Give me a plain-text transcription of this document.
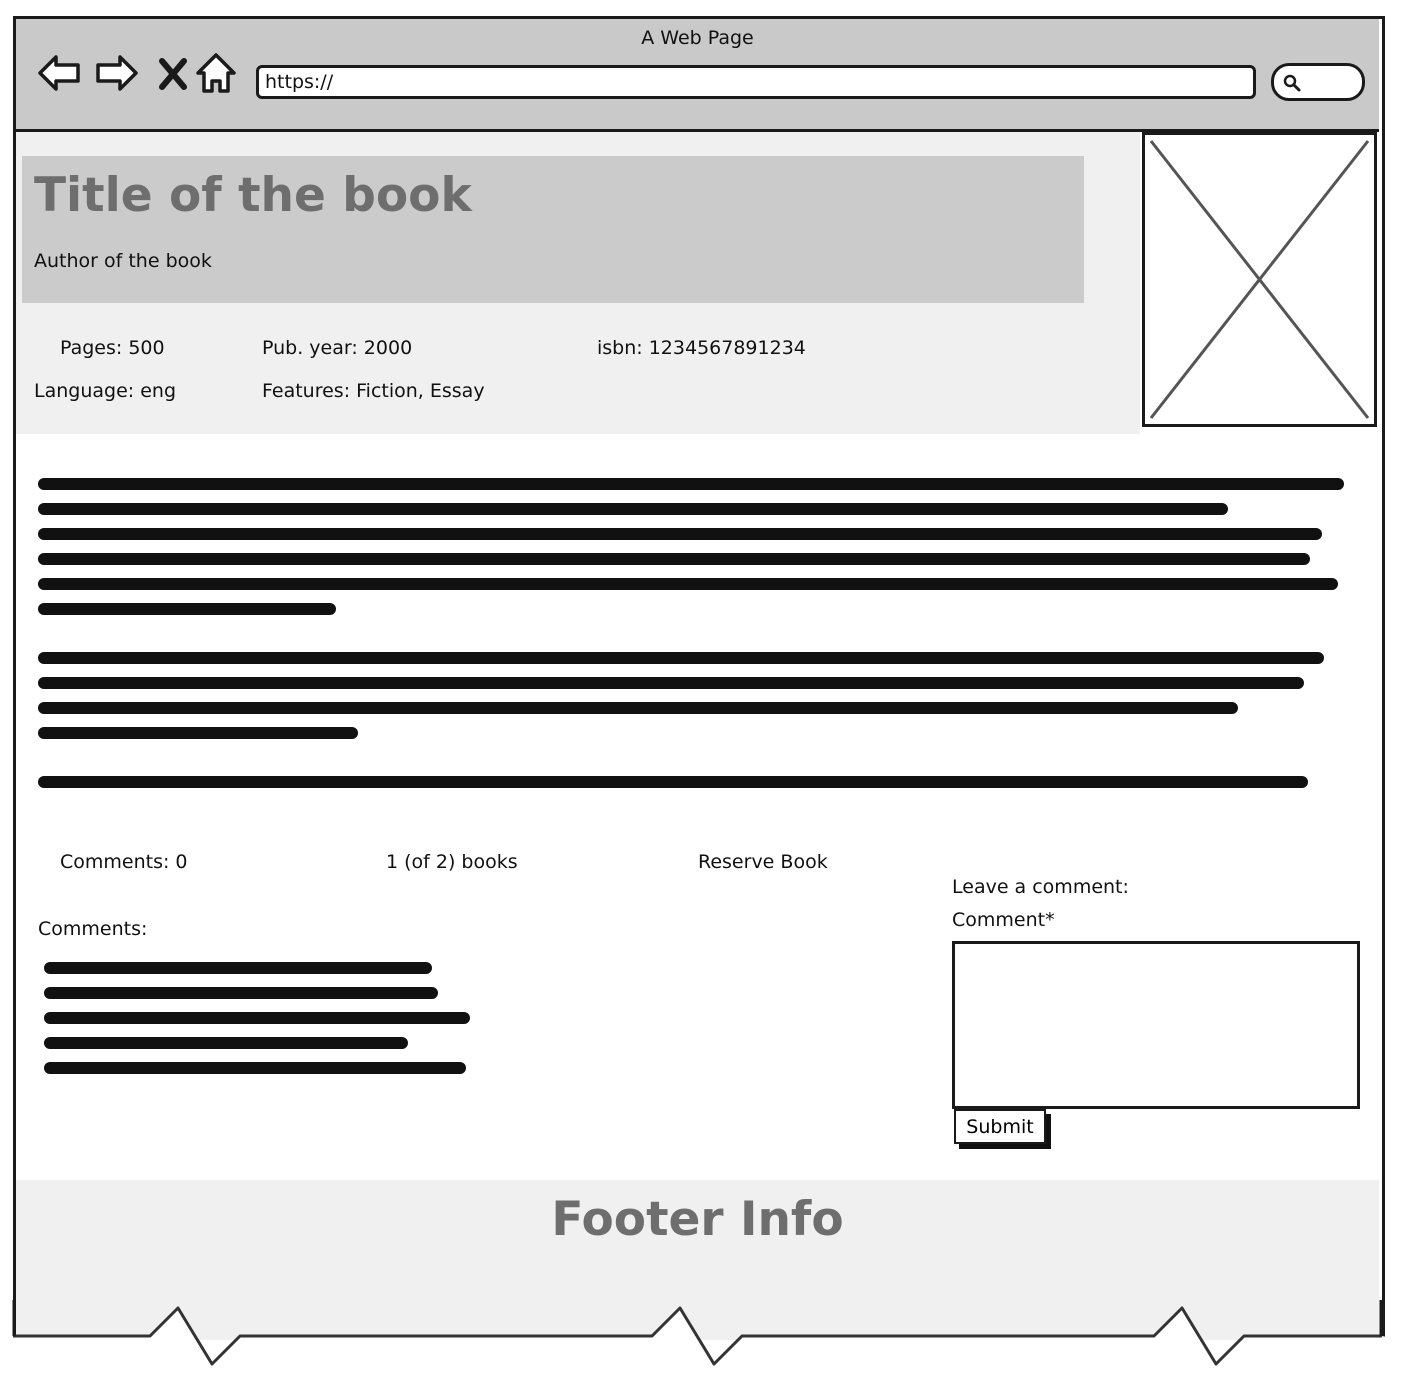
A Web Page
https://
Title of the book
Author of the book
Pages: 500	Pub. year: 2000	isbn: 1234567891234
Language: eng	Features: Fiction, Essay
Comments: 0	1 (of 2) books	Reserve Book
Comments:
Leave a comment:
Comment*
Submit
Footer Info
